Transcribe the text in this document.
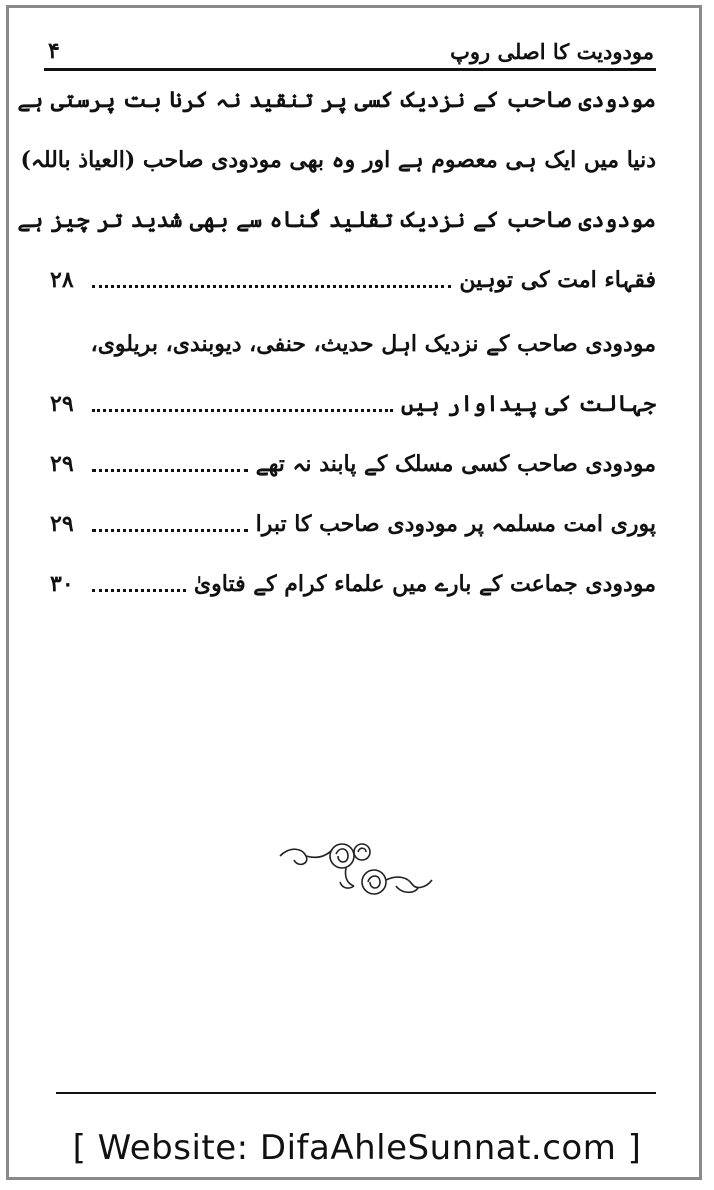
مودودیت کا اصلی روپ
۴
مودودی صاحب کے نزدیک کسی پر تنقید نہ کرنا بت پرستی ہے
دنیا میں ایک ہی معصوم ہے اور وہ بھی مودودی صاحب (العیاذ باللہ)
مودودی صاحب کے نزدیک تقلید گناہ سے بھی شدید تر چیز ہے
فقہاء امت کی توہین
۲۸
مودودی صاحب کے نزدیک اہل حدیث، حنفی، دیوبندی، بریلوی،
جہالت کی پیداوار ہیں
۲۹
مودودی صاحب کسی مسلک کے پابند نہ تھے
۲۹
پوری امت مسلمہ پر مودودی صاحب کا تبرا
۲۹
مودودی جماعت کے بارے میں علماء کرام کے فتاویٰ
۳۰
[ Website: DifaAhleSunnat.com ]
